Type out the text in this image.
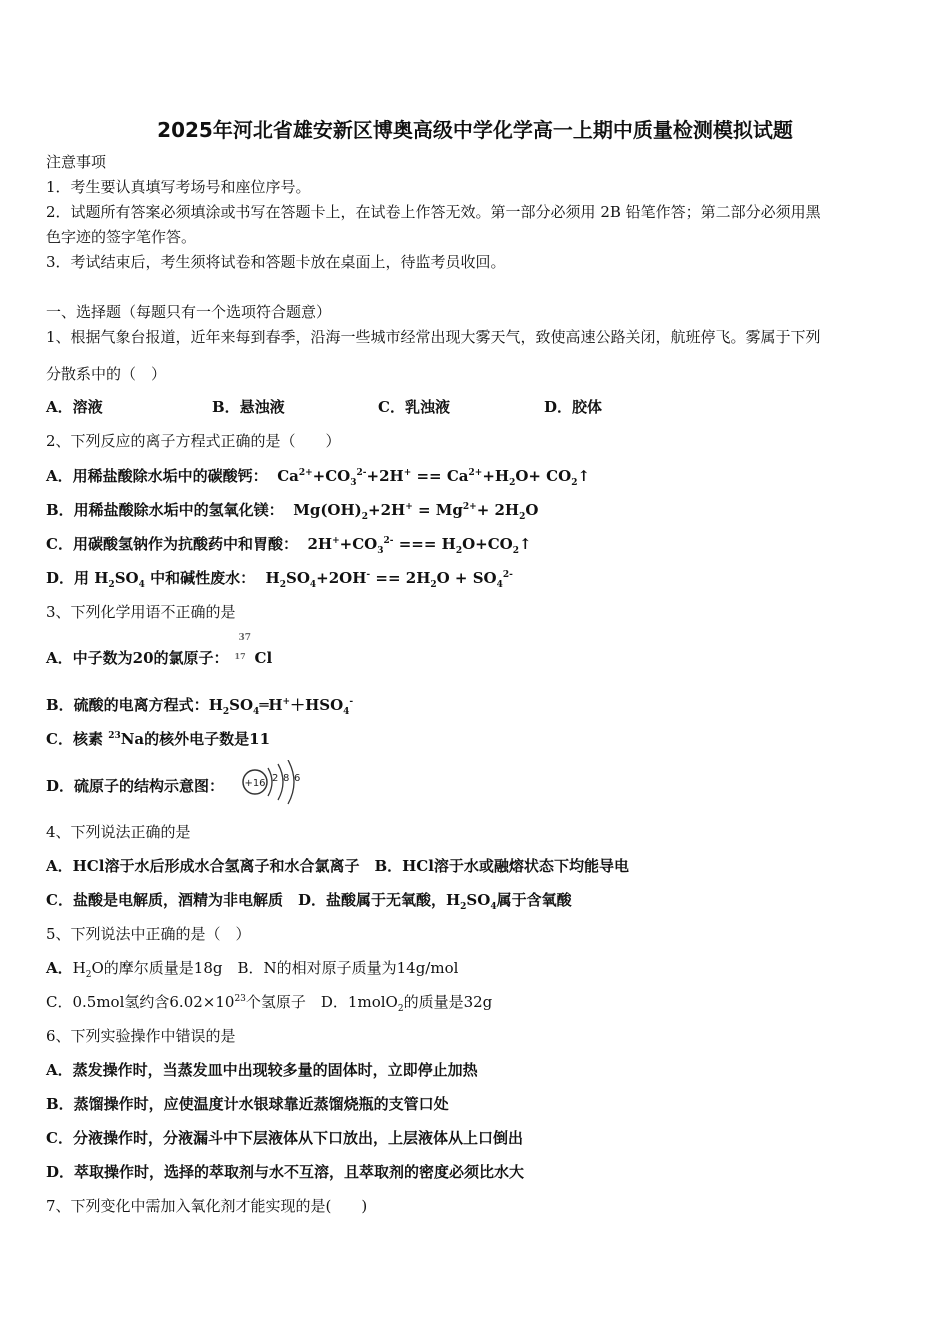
2025年河北省雄安新区博奥高级中学化学高一上期中质量检测模拟试题
注意事项
1．考生要认真填写考场号和座位序号。
2．试题所有答案必须填涂或书写在答题卡上，在试卷上作答无效。第一部分必须用 2B 铅笔作答；第二部分必须用黑
色字迹的签字笔作答。
3．考试结束后，考生须将试卷和答题卡放在桌面上，待监考员收回。
一、选择题（每题只有一个选项符合题意）
1、根据气象台报道，近年来每到春季，沿海一些城市经常出现大雾天气，致使高速公路关闭，航班停飞。雾属于下列
分散系中的（　）
A．溶液	B．悬浊液	C．乳浊液	D．胶体
2、下列反应的离子方程式正确的是（　　）
A．用稀盐酸除水垢中的碳酸钙： $Ca^{2+}+CO_3^{2-}+2H^+ == Ca^{2+}+H_2O+$ $CO_2↑$
B．用稀盐酸除水垢中的氢氧化镁： $Mg(OH)_2+2H^+ = Mg^{2+}+ 2H_2O$
C．用碳酸氢钠作为抗酸药中和胃酸： $2H^++CO_3^{2-}$ === $H_2O+CO_2↑$
D．用 $H_2SO_4$ 中和碱性废水：  $H_2SO_4+2OH^- == 2H_2O + SO_4^{2-}$
3、下列化学用语不正确的是
A．中子数为20的氯原子：
37
17 Cl
B．硫酸的电离方程式：$H_2SO_4═H^++HSO_4^-$
C．核素 $^{23}$Na的核外电子数是11
D．硫原子的结构示意图： +16 2 8 6
4、下列说法正确的是
A．HCl溶于水后形成水合氢离子和水合氯离子　B．HCl溶于水或融熔状态下均能导电
C．盐酸是电解质，酒精为非电解质　D．盐酸属于无氧酸，$H_2SO_4$属于含氧酸
5、下列说法中正确的是（　）
A．$H_2O$的摩尔质量是18g　B．N的相对原子质量为14g/mol
C．0.5mol氢约含$6.02\times 10^{23}$个氢原子　D．1molO$_2$的质量是32g
6、下列实验操作中错误的是
A．蒸发操作时，当蒸发皿中出现较多量的固体时，立即停止加热
B．蒸馏操作时，应使温度计水银球靠近蒸馏烧瓶的支管口处
C．分液操作时，分液漏斗中下层液体从下口放出，上层液体从上口倒出
D．萃取操作时，选择的萃取剂与水不互溶，且萃取剂的密度必须比水大
7、下列变化中需加入氧化剂才能实现的是(　　)
